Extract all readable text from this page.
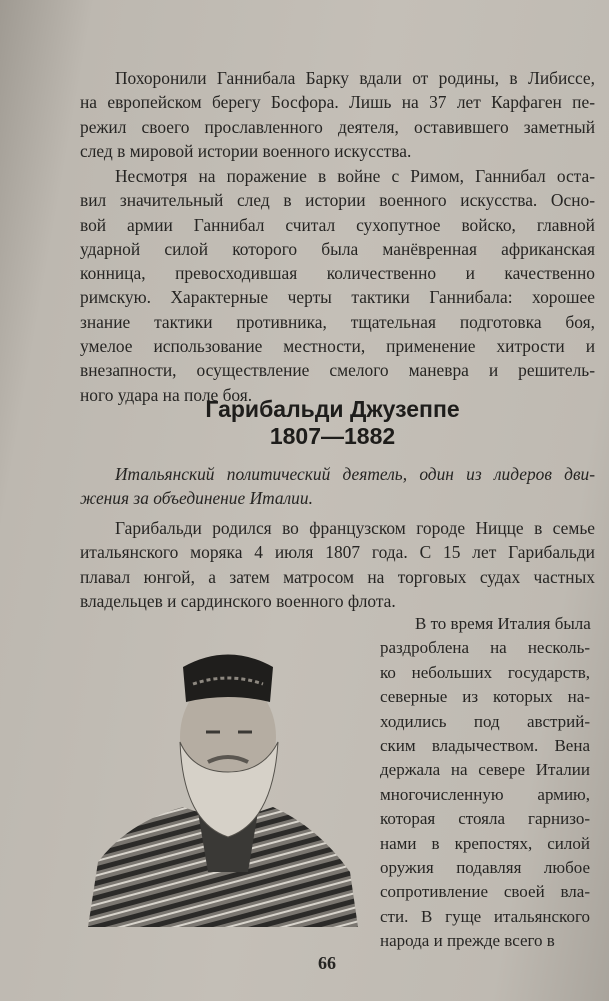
Похоронили Ганнибала Барку вдали от родины, в Либиссе,
на европейском берегу Босфора. Лишь на 37 лет Карфаген пе-
режил своего прославленного деятеля, оставившего заметный
след в мировой истории военного искусства.
Несмотря на поражение в войне с Римом, Ганнибал оста-
вил значительный след в истории военного искусства. Осно-
вой армии Ганнибал считал сухопутное войско, главной
ударной силой которого была манёвренная африканская
конница, превосходившая количественно и качественно
римскую. Характерные черты тактики Ганнибала: хорошее
знание тактики противника, тщательная подготовка боя,
умелое использование местности, применение хитрости и
внезапности, осуществление смелого маневра и решитель-
ного удара на поле боя.
Гарибальди Джузеппе
1807—1882
Итальянский политический деятель, один из лидеров дви-
жения за объединение Италии.
Гарибальди родился во французском городе Ницце в семье
итальянского моряка 4 июля 1807 года. С 15 лет Гарибальди
плавал юнгой, а затем матросом на торговых судах частных
владельцев и сардинского военного флота.
В то время Италия была
раздроблена на несколь-
ко небольших государств,
северные из которых на-
ходились под австрий-
ским владычеством. Вена
держала на севере Италии
многочисленную армию,
которая стояла гарнизо-
нами в крепостях, силой
оружия подавляя любое
сопротивление своей вла-
сти. В гуще итальянского
народа и прежде всего в
66
